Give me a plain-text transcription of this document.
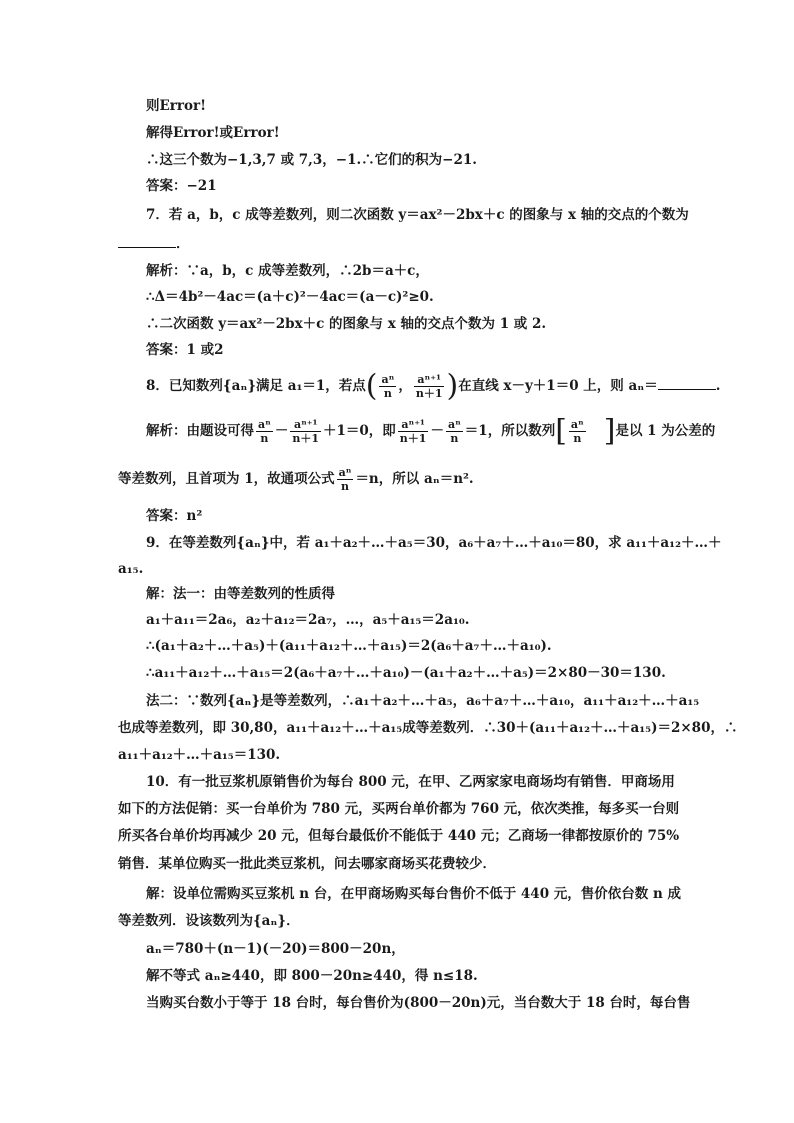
则Error!
解得Error!或Error!
∴这三个数为−1,3,7 或 7,3，−1.∴它们的积为−21.
答案：−21
7．若 a，b，c 成等差数列，则二次函数 y＝ax²－2bx＋c 的图象与 x 轴的交点的个数为
．
解析：∵a，b，c 成等差数列，∴2b＝a＋c，
∴Δ＝4b²－4ac＝(a＋c)²－4ac＝(a－c)²≥0.
∴二次函数 y＝ax²－2bx＋c 的图象与 x 轴的交点个数为 1 或 2.
答案：1 或2
8．已知数列{aₙ}满足 a₁＝1，若点( $\frac{\text{aⁿ}}{n}$ ， $\frac{\text{aⁿ⁺¹}}{n+1}$ )在直线 x－y＋1＝0 上，则 aₙ＝	.
解析：由题设可得 $\frac{\text{aⁿ}}{n} - \frac{\text{aⁿ⁺¹}}{n+1} +1=0$，即 $\frac{\text{aⁿ⁺¹}}{n+1} - \frac{\text{aⁿ}}{n} =1$，所以数列[ $\frac{\text{aⁿ}}{n}$ ]是以 1 为公差的
等差数列，且首项为 1，故通项公式 $\frac{\text{aⁿ}}{n} =n$，所以 aₙ＝n².
答案：n²
9．在等差数列{aₙ}中，若 a₁＋a₂＋…＋a₅＝30，a₆＋a₇＋…＋a₁₀＝80，求 a₁₁＋a₁₂＋…＋
a₁₅.
解：法一：由等差数列的性质得
a₁＋a₁₁＝2a₆，a₂＋a₁₂＝2a₇，…，a₅＋a₁₅＝2a₁₀.
∴(a₁＋a₂＋…＋a₅)＋(a₁₁＋a₁₂＋…＋a₁₅)＝2(a₆＋a₇＋…＋a₁₀).
∴a₁₁＋a₁₂＋…＋a₁₅＝2(a₆＋a₇＋…＋a₁₀)－(a₁＋a₂＋…＋a₅)＝2×80－30＝130.
法二：∵数列{aₙ}是等差数列，∴a₁＋a₂＋…＋a₅，a₆＋a₇＋…＋a₁₀，a₁₁＋a₁₂＋…＋a₁₅
也成等差数列，即 30,80，a₁₁＋a₁₂＋…＋a₁₅成等差数列．∴30＋(a₁₁＋a₁₂＋…＋a₁₅)＝2×80，∴
a₁₁＋a₁₂＋…＋a₁₅＝130.
10．有一批豆浆机原销售价为每台 800 元，在甲、乙两家家电商场均有销售．甲商场用
如下的方法促销：买一台单价为 780 元，买两台单价都为 760 元，依次类推，每多买一台则
所买各台单价均再减少 20 元，但每台最低价不能低于 440 元；乙商场一律都按原价的 75%
销售．某单位购买一批此类豆浆机，问去哪家商场买花费较少．
解：设单位需购买豆浆机 n 台，在甲商场购买每台售价不低于 440 元，售价依台数 n 成
等差数列．设该数列为{aₙ}．
aₙ＝780＋(n－1)(－20)＝800－20n，
解不等式 aₙ≥440，即 800－20n≥440，得 n≤18.
当购买台数小于等于 18 台时，每台售价为(800－20n)元，当台数大于 18 台时，每台售
